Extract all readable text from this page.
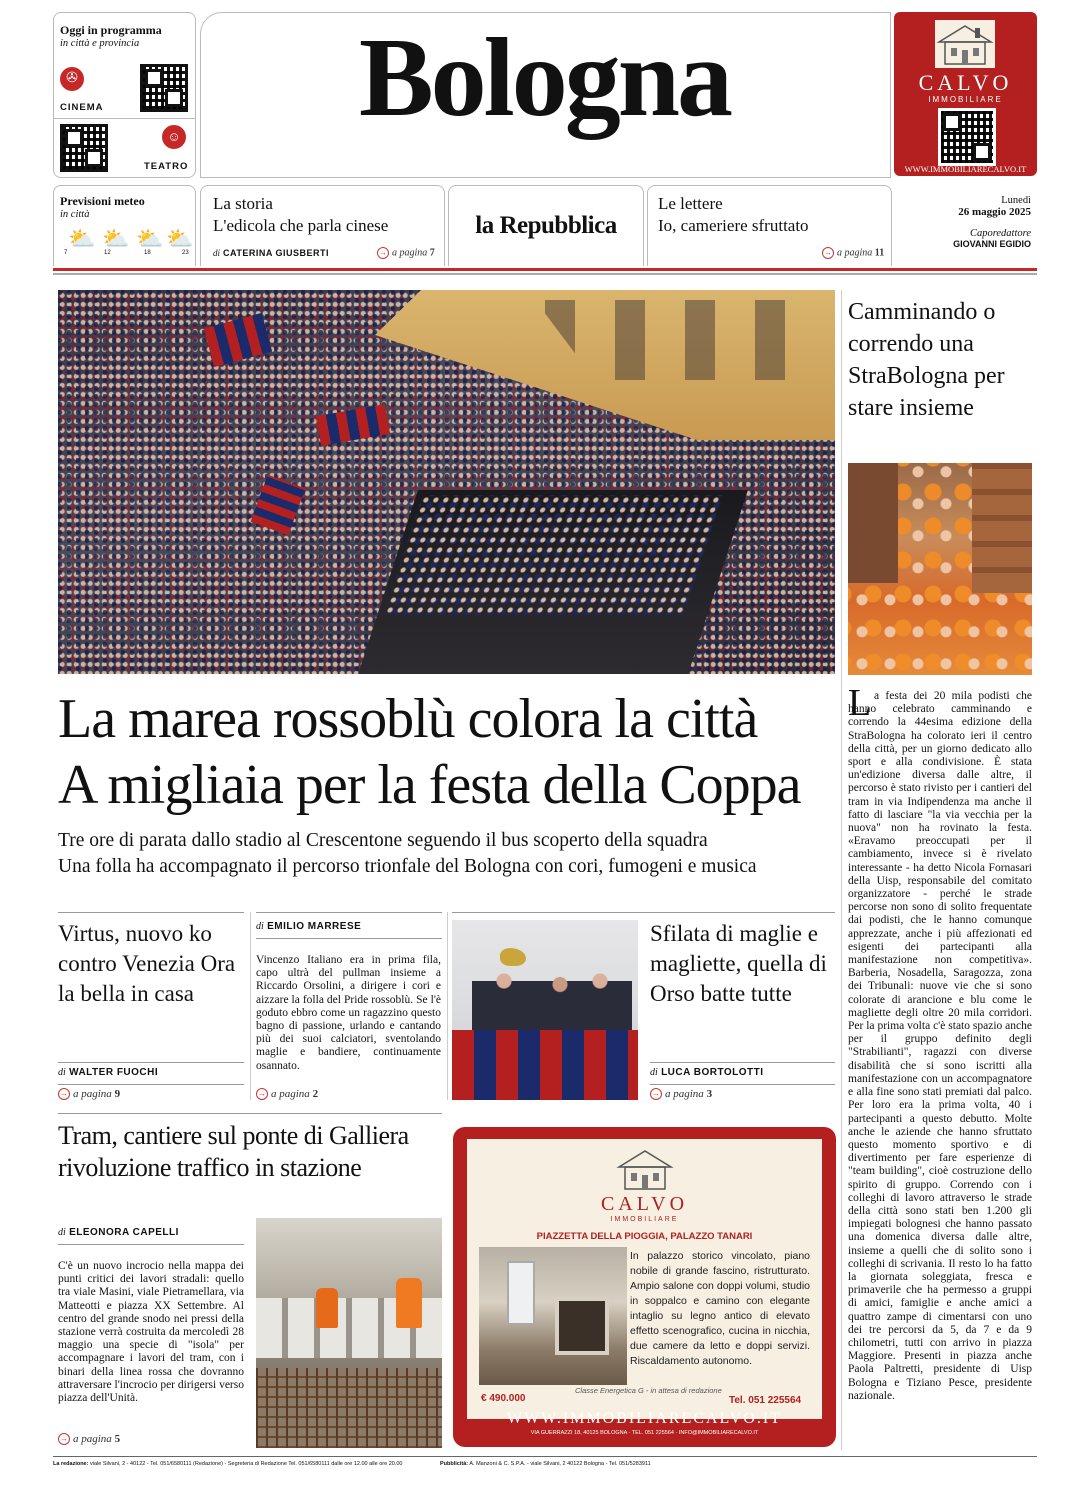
Oggi in programma
in città e provincia
✇
CINEMA
☺
TEATRO
Bologna	CALVO
IMMOBILIARE
WWW.IMMOBILIARECALVO.IT
Previsioni meteo
in città
⛅ ⛅ ⛅ ⛅
7	12	18	23
La storia
L'edicola che parla cinese
di CATERINA GIUSBERTI	→ a pagina 7
la Repubblica
Le lettere
Io, cameriere sfruttato
→ a pagina 11
Lunedì
26 maggio 2025
Caporedattore
GIOVANNI EGIDIO
La marea rossoblù colora la città
A migliaia per la festa della Coppa
Tre ore di parata dallo stadio al Crescentone seguendo il bus scoperto della squadra
Una folla ha accompagnato il percorso trionfale del Bologna con cori, fumogeni e musica
Camminando o correndo una StraBologna per stare insieme
L a festa dei 20 mila podisti che hanno celebrato camminando e correndo la 44esima edizione della StraBologna ha colorato ieri il centro della città, per un giorno dedicato allo sport e alla condivisione. È stata un'edizione diversa dalle altre, il percorso è stato rivisto per i cantieri del tram in via Indipendenza ma anche il fatto di lasciare "la via vecchia per la nuova" non ha rovinato la festa. «Eravamo preoccupati per il cambiamento, invece si è rivelato interessante - ha detto Nicola Fornasari della Uisp, responsabile del comitato organizzatore - perché le strade percorse non sono di solito frequentate dai podisti, che le hanno comunque apprezzate, anche i più affezionati ed esigenti dei partecipanti alla manifestazione non competitiva». Barberia, Nosadella, Saragozza, zona dei Tribunali: nuove vie che si sono colorate di arancione e blu come le magliette degli oltre 20 mila corridori. Per la prima volta c'è stato spazio anche per il gruppo definito degli "Strabilianti", ragazzi con diverse disabilità che si sono iscritti alla manifestazione con un accompagnatore e alla fine sono stati premiati dal palco. Per loro era la prima volta, 40 i partecipanti a questo debutto. Molte anche le aziende che hanno sfruttato questo momento sportivo e di divertimento per fare esperienze di "team building", cioè costruzione dello spirito di gruppo. Correndo con i colleghi di lavoro attraverso le strade della città sono stati ben 1.200 gli impiegati bolognesi che hanno passato una domenica diversa dalle altre, insieme a quelli che di solito sono i colleghi di scrivania. Il resto lo ha fatto la giornata soleggiata, fresca e primaverile che ha permesso a gruppi di amici, famiglie e anche amici a quattro zampe di cimentarsi con uno dei tre percorsi da 5, da 7 e da 9 chilometri, tutti con arrivo in piazza Maggiore. Presenti in piazza anche Paola Paltretti, presidente di Uisp Bologna e Tiziano Pesce, presidente nazionale.
Virtus, nuovo ko contro Venezia Ora la bella in casa
di WALTER FUOCHI
→ a pagina 9
di EMILIO MARRESE
Vincenzo Italiano era in prima fila, capo ultrà del pullman insieme a Riccardo Orsolini, a dirigere i cori e aizzare la folla del Pride rossoblù. Se l'è goduto ebbro come un ragazzino questo bagno di passione, urlando e cantando più dei suoi calciatori, sventolando maglie e bandiere, continuamente osannato.
→ a pagina 2
Sfilata di maglie e magliette, quella di Orso batte tutte
di LUCA BORTOLOTTI
→ a pagina 3
Tram, cantiere sul ponte di Galliera
rivoluzione traffico in stazione
di ELEONORA CAPELLI
C'è un nuovo incrocio nella mappa dei punti critici dei lavori stradali: quello tra viale Masini, viale Pietramellara, via Matteotti e piazza XX Settembre. Al centro del grande snodo nei pressi della stazione verrà costruita da mercoledì 28 maggio una specie di "isola" per accompagnare i lavori del tram, con i binari della linea rossa che dovranno attraversare l'incrocio per dirigersi verso piazza dell'Unità.
→ a pagina 5
CALVO
IMMOBILIARE
PIAZZETTA DELLA PIOGGIA, PALAZZO TANARI
In palazzo storico vincolato, piano nobile di grande fascino, ristrutturato. Ampio salone con doppi volumi, studio in soppalco e camino con elegante intaglio su legno antico di elevato effetto scenografico, cucina in nicchia, due camere da letto e doppi servizi. Riscaldamento autonomo.
€ 490.000
Classe Energetica G - in attesa di redazione
Tel. 051 225564
WWW.IMMOBILIARECALVO.IT
VIA GUERRAZZI 18, 40125 BOLOGNA · TEL. 051 225564 · INFO@IMMOBILIARECALVO.IT
La redazione: viale Silvani, 2 - 40122 - Tel. 051/6580111 (Redazione) - Segreteria di Redazione Tel. 051/6580111 dalle ore 12.00 alle ore 20.00	Pubblicità: A. Manzoni & C. S.P.A. - viale Silvani, 2 40122 Bologna - Tel. 051/5283911
